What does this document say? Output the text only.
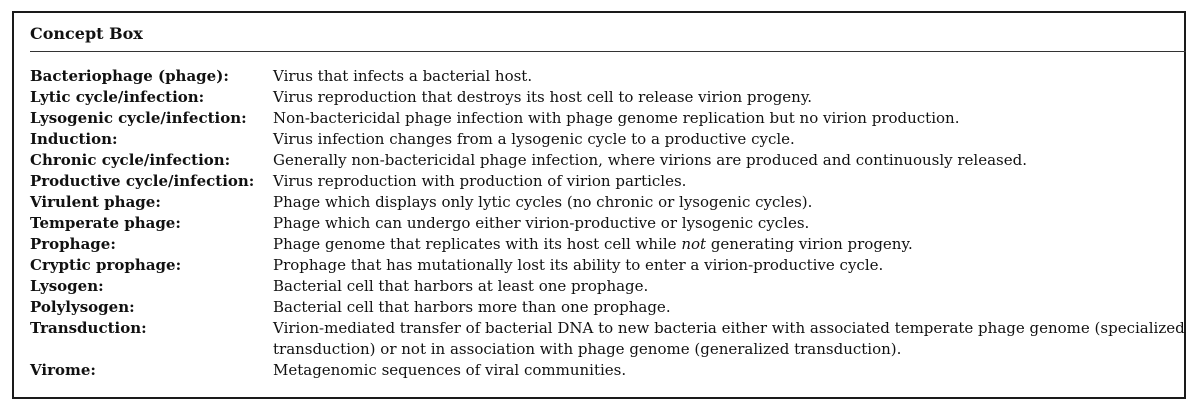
Concept Box
Bacteriophage (phage):	Virus that infects a bacterial host.
Lytic cycle/infection:	Virus reproduction that destroys its host cell to release virion progeny.
Lysogenic cycle/infection:	Non-bactericidal phage infection with phage genome replication but no virion production.
Induction:	Virus infection changes from a lysogenic cycle to a productive cycle.
Chronic cycle/infection:	Generally non-bactericidal phage infection, where virions are produced and continuously released.
Productive cycle/infection:	Virus reproduction with production of virion particles.
Virulent phage:	Phage which displays only lytic cycles (no chronic or lysogenic cycles).
Temperate phage:	Phage which can undergo either virion-productive or lysogenic cycles.
Prophage:	Phage genome that replicates with its host cell while not generating virion progeny.
Cryptic prophage:	Prophage that has mutationally lost its ability to enter a virion-productive cycle.
Lysogen:	Bacterial cell that harbors at least one prophage.
Polylysogen:	Bacterial cell that harbors more than one prophage.
Transduction:	Virion-mediated transfer of bacterial DNA to new bacteria either with associated temperate phage genome (specialized transduction) or not in association with phage genome (generalized transduction).
Virome:	Metagenomic sequences of viral communities.
